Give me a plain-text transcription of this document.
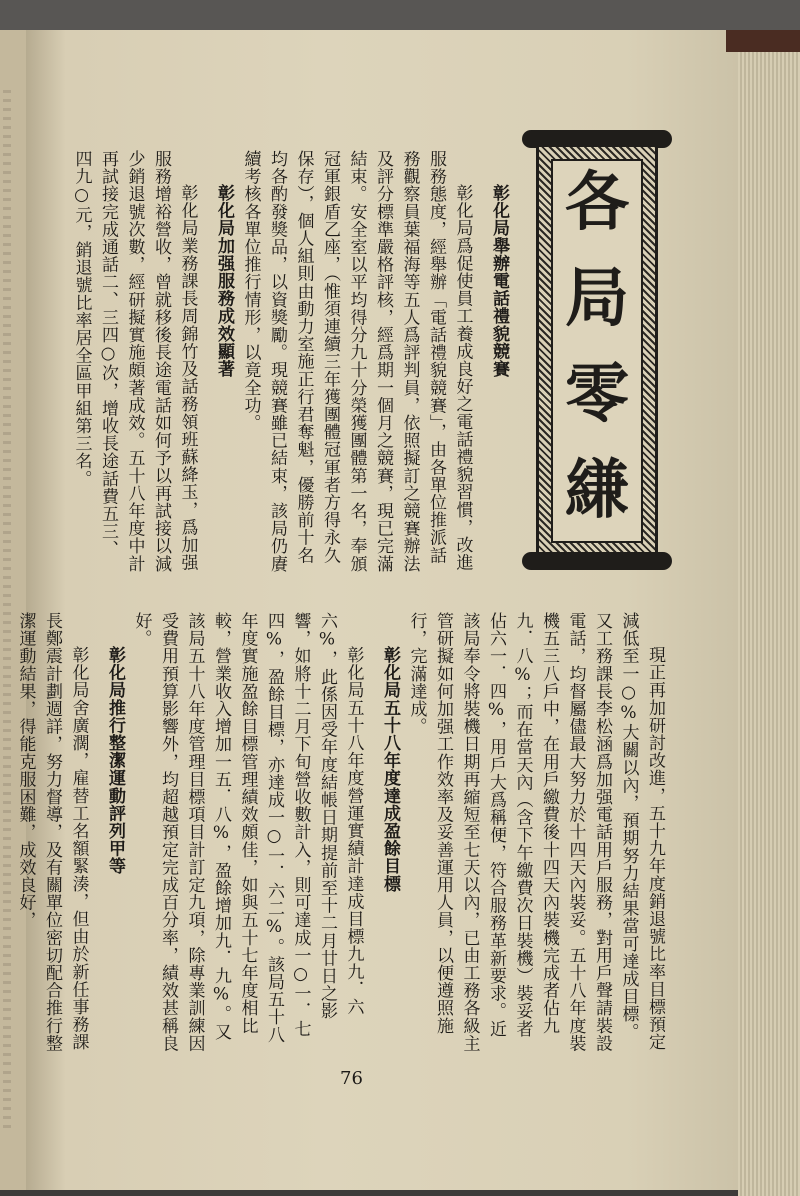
各
局
零
縑

彰化局舉辦電話禮貌競賽

彰化局爲促使員工養成良好之電話禮貌習慣，改進服務態度，經舉辦「電話禮貌競賽」，由各單位推派話務觀察員葉福海等五人爲評判員，依照擬訂之競賽辦法及評分標準嚴格評核，經爲期一個月之競賽，現已完滿結束。安全室以平均得分九十分榮獲團體第一名，奉頒冠軍銀盾乙座，（惟須連續三年獲團體冠軍者方得永久保存），個人組則由動力室施正行君奪魁，優勝前十名均各酌發獎品，以資獎勵。現競賽雖已結束，該局仍賡續考核各單位推行情形，以竟全功。

彰化局加强服務成效顯著

彰化局業務課長周錦竹及話務領班蘇絳玉，爲加强服務增裕營收，曾就移後長途電話如何予以再試接以減少銷退號次數，經研擬實施頗著成效。五十八年度中計再試接完成通話二、三四○次，增收長途話費五三、四九○元，銷退號比率居全區甲組第三名。

現正再加研討改進，五十九年度銷退號比率目標預定減低至一○%大關以內，預期努力結果當可達成目標。又工務課長李松涵爲加强電話用戶服務，對用戶聲請裝設電話，均督屬儘最大努力於十四天內裝妥。五十八年度裝機五三八戶中，在用戶繳費後十四天內裝機完成者佔九九．八%；而在當天內（含下午繳費次日裝機）裝妥者佔六一．四%，用戶大爲稱便，符合服務革新要求。近該局奉令將裝機日期再縮短至七天以內，已由工務各級主管研擬如何加强工作效率及妥善運用人員，以便遵照施行，完滿達成。

彰化局五十八年度達成盈餘目標

彰化局五十八年度營運實績計達成目標九九．六六%，此係因受年度結帳日期提前至十二月廿日之影響，如將十二月下旬營收數計入，則可達成一○一．七四%，盈餘目標，亦達成一○一．六二%。該局五十八年度實施盈餘目標管理績效頗佳，如與五十七年度相比較，營業收入增加一五．八%，盈餘增加九．九%。又該局五十八年度管理目標項目計訂定九項，除專業訓練因受費用預算影響外，均超越預定完成百分率，績效甚稱良好。

彰化局推行整潔運動評列甲等

彰化局舍廣濶，雇替工名額緊湊，但由於新任事務課長鄭震計劃週詳，努力督導，及有關單位密切配合推行整潔運動結果，得能克服困難，成效良好，

76
